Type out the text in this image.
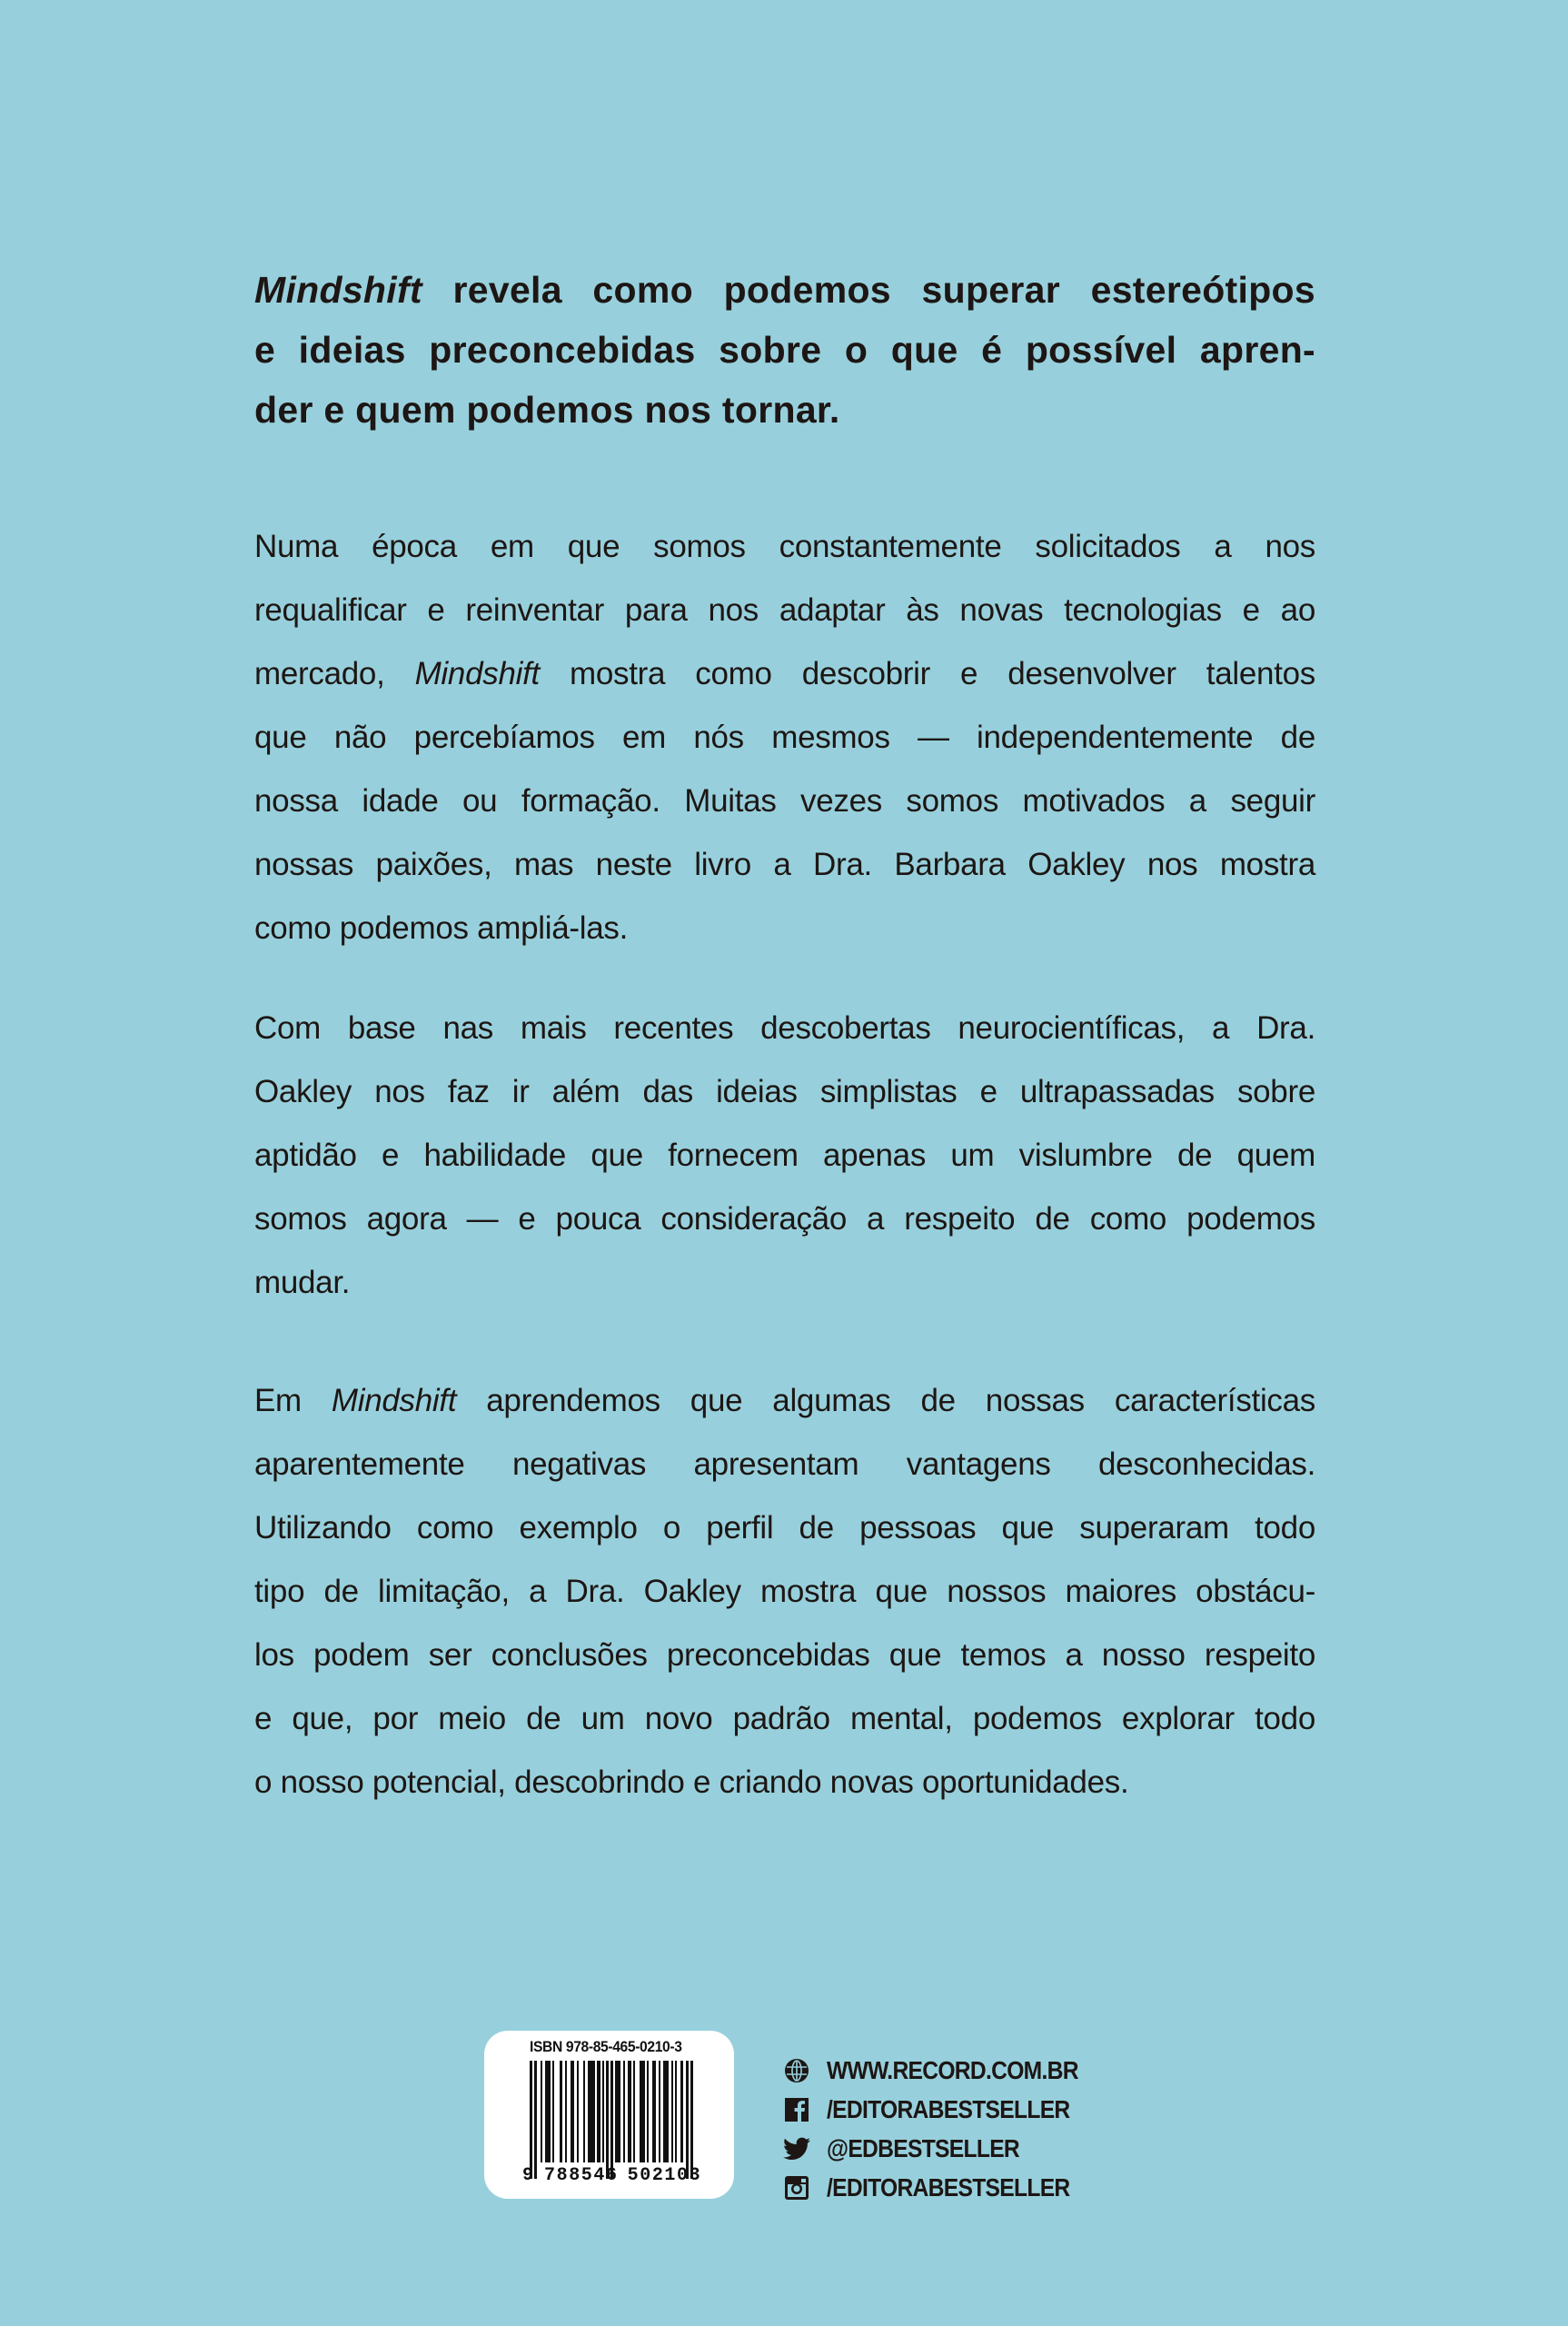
Mindshift revela como podemos superar estereótipos
e ideias preconcebidas sobre o que é possível apren-
der e quem podemos nos tornar.
Numa época em que somos constantemente solicitados a nos
requalificar e reinventar para nos adaptar às novas tecnologias e ao
mercado, Mindshift mostra como descobrir e desenvolver talentos
que não percebíamos em nós mesmos — independentemente de
nossa idade ou formação. Muitas vezes somos motivados a seguir
nossas paixões, mas neste livro a Dra. Barbara Oakley nos mostra
como podemos ampliá-las.
Com base nas mais recentes descobertas neurocientíficas, a Dra.
Oakley nos faz ir além das ideias simplistas e ultrapassadas sobre
aptidão e habilidade que fornecem apenas um vislumbre de quem
somos agora — e pouca consideração a respeito de como podemos
mudar.
Em Mindshift aprendemos que algumas de nossas características
aparentemente negativas apresentam vantagens desconhecidas.
Utilizando como exemplo o perfil de pessoas que superaram todo
tipo de limitação, a Dra. Oakley mostra que nossos maiores obstácu-
los podem ser conclusões preconcebidas que temos a nosso respeito
e que, por meio de um novo padrão mental, podemos explorar todo
o nosso potencial, descobrindo e criando novas oportunidades.
ISBN 978-85-465-0210-3
9 788546 502103
WWW.RECORD.COM.BR
/EDITORABESTSELLER
@EDBESTSELLER
/EDITORABESTSELLER
